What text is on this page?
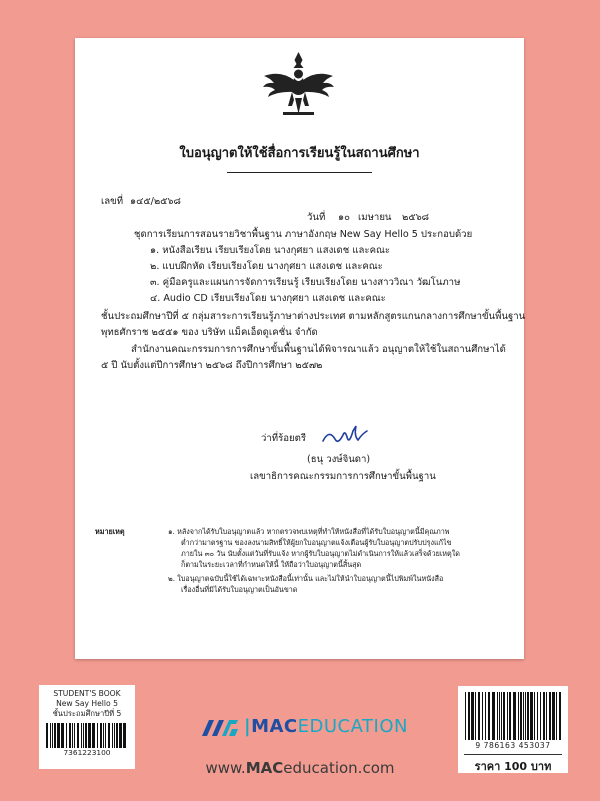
ใบอนุญาตให้ใช้สื่อการเรียนรู้ในสถานศึกษา
เลขที่ ๑๔๕/๒๕๖๘
วันที่ ๑๐ เมษายน ๒๕๖๘
ชุดการเรียนการสอนรายวิชาพื้นฐาน ภาษาอังกฤษ New Say Hello 5 ประกอบด้วย
๑. หนังสือเรียน เรียบเรียงโดย นางกุศยา แสงเดช และคณะ
๒. แบบฝึกหัด เรียบเรียงโดย นางกุศยา แสงเดช และคณะ
๓. คู่มือครูและแผนการจัดการเรียนรู้ เรียบเรียงโดย นางสาววิณา วัฒโนภาษ
๔. Audio CD เรียบเรียงโดย นางกุศยา แสงเดช และคณะ
ชั้นประถมศึกษาปีที่ ๕ กลุ่มสาระการเรียนรู้ภาษาต่างประเทศ ตามหลักสูตรแกนกลางการศึกษาขั้นพื้นฐาน
พุทธศักราช ๒๕๕๑ ของ บริษัท แม็คเอ็ดดูเคชั่น จำกัด
สำนักงานคณะกรรมการการศึกษาขั้นพื้นฐานได้พิจารณาแล้ว อนุญาตให้ใช้ในสถานศึกษาได้
๕ ปี นับตั้งแต่ปีการศึกษา ๒๕๖๘ ถึงปีการศึกษา ๒๕๗๒
ว่าที่ร้อยตรี
(ธนุ วงษ์จินดา)
เลขาธิการคณะกรรมการการศึกษาขั้นพื้นฐาน
หมายเหตุ	๑. หลังจากได้รับใบอนุญาตแล้ว หากตรวจพบเหตุที่ทำให้หนังสือที่ได้รับใบอนุญาตนี้มีคุณภาพ
ต่ำกว่ามาตรฐาน ของลงนามสิทธิ์ให้ผู้ยกใบอนุญาตแจ้งเตือนผู้รับใบอนุญาตปรับปรุงแก้ไข
ภายใน ๓๐ วัน นับตั้งแต่วันที่รับแจ้ง หากผู้รับใบอนุญาตไม่ดำเนินการให้แล้วเสร็จด้วยเหตุใด
ก็ตามในระยะเวลาที่กำหนดให้นี้ ให้ถือว่าใบอนุญาตนี้สิ้นสุด
๒. ใบอนุญาตฉบับนี้ใช้ได้เฉพาะหนังสือนี้เท่านั้น และไม่ให้นำใบอนุญาตนี้ไปพิมพ์ในหนังสือ
เรื่องอื่นที่มิได้รับใบอนุญาตเป็นอันขาด
STUDENT'S BOOK
New Say Hello 5
ชั้นประถมศึกษาปีที่ 5
7361223100
|MACEDUCATION
www.MACeducation.com
9 786163 453037
ราคา 100 บาท
